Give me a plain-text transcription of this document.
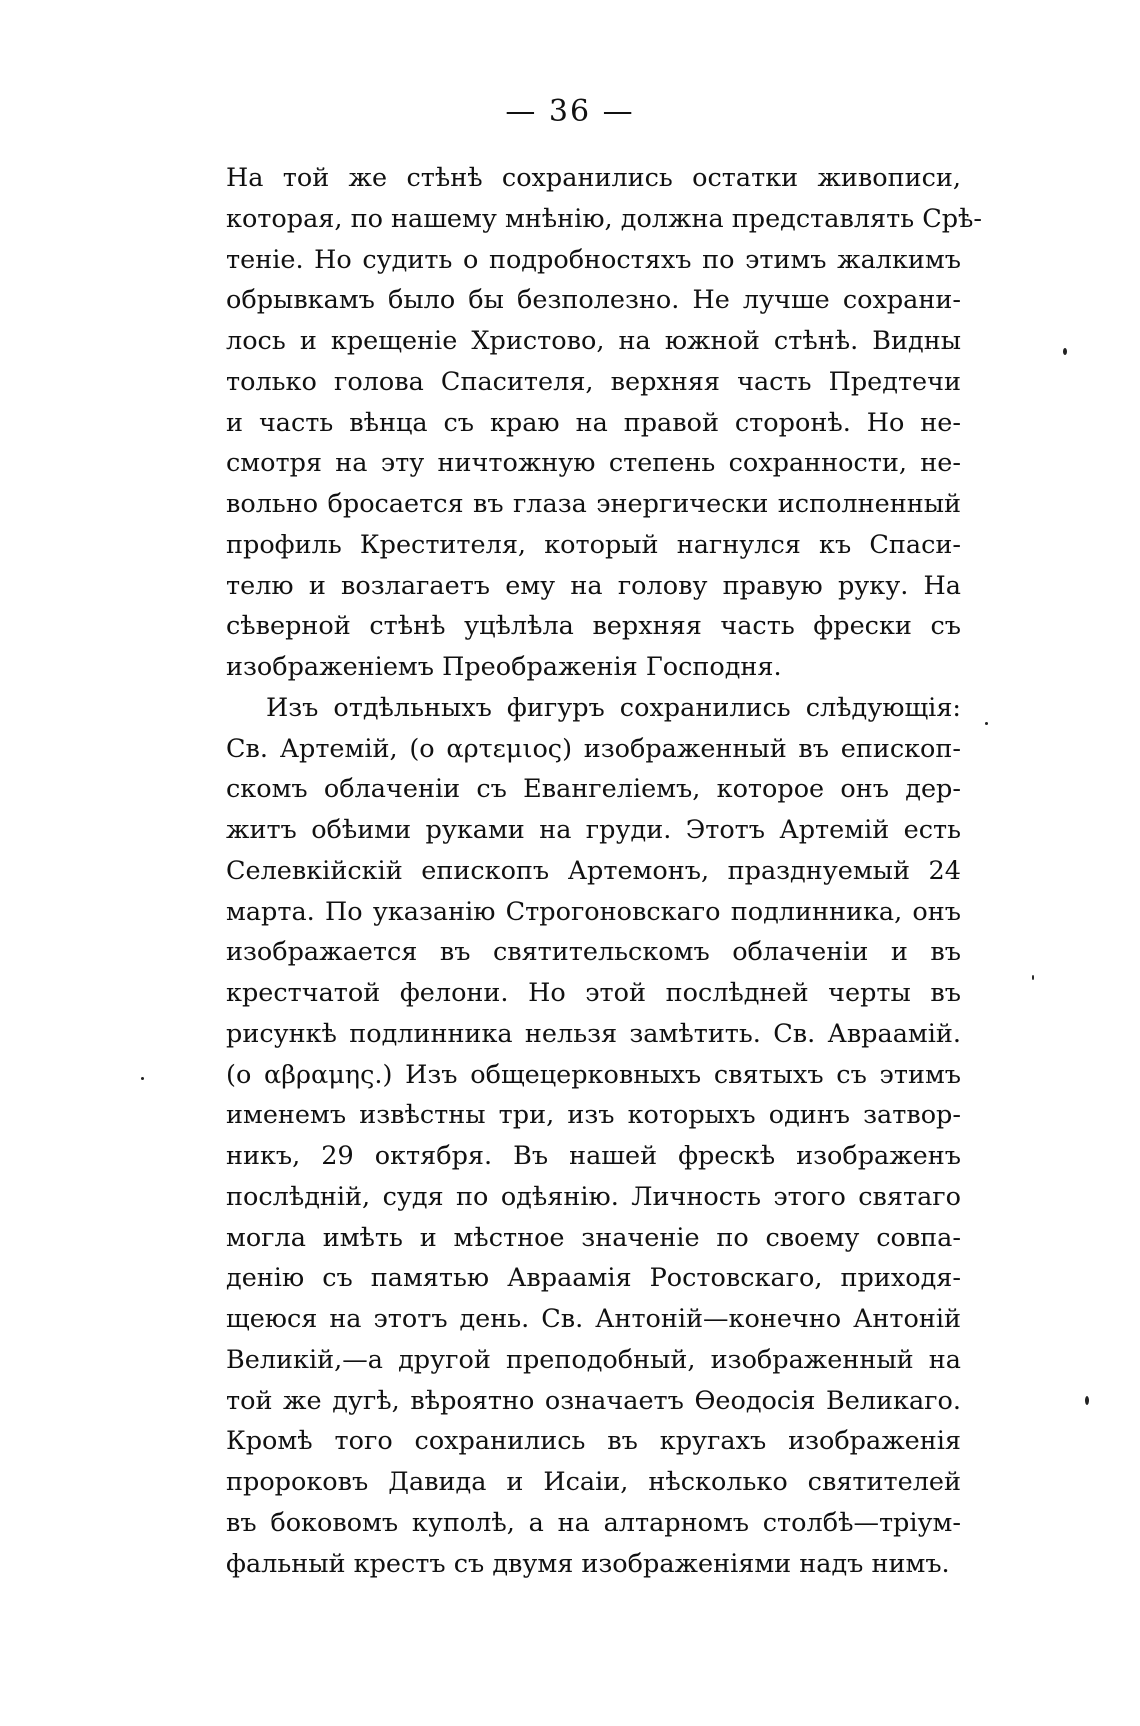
— 36 —
На той же стѣнѣ сохранились остатки живописи,
которая, по нашему мнѣнію, должна представлять Срѣ-
теніе. Но судить о подробностяхъ по этимъ жалкимъ
обрывкамъ было бы безполезно. Не лучше сохрани-
лось и крещеніе Христово, на южной стѣнѣ. Видны
только голова Спасителя, верхняя часть Предтечи
и часть вѣнца съ краю на правой сторонѣ. Но не-
смотря на эту ничтожную степень сохранности, не-
вольно бросается въ глаза энергически исполненный
профиль Крестителя, который нагнулся къ Спаси-
телю и возлагаетъ ему на голову правую руку. На
сѣверной стѣнѣ уцѣлѣла верхняя часть фрески съ
изображеніемъ Преображенія Господня.
Изъ отдѣльныхъ фигуръ сохранились слѣдующія:
Св. Артемій, (ο αρτεμιος) изображенный въ епископ-
скомъ облаченіи съ Евангеліемъ, которое онъ дер-
житъ обѣими руками на груди. Этотъ Артемій есть
Селевкійскій епископъ Артемонъ, празднуемый 24
марта. По указанію Строгоновскаго подлинника, онъ
изображается въ святительскомъ облаченіи и въ
крестчатой фелони. Но этой послѣдней черты въ
рисункѣ подлинника нельзя замѣтить. Св. Авраамій.
(ο αβραμης.) Изъ общецерковныхъ святыхъ съ этимъ
именемъ извѣстны три, изъ которыхъ одинъ затвор-
никъ, 29 октября. Въ нашей фрескѣ изображенъ
послѣдній, судя по одѣянію. Личность этого святаго
могла имѣть и мѣстное значеніе по своему совпа-
денію съ памятью Авраамія Ростовскаго, приходя-
щеюся на этотъ день. Св. Антоній—конечно Антоній
Великій,—а другой преподобный, изображенный на
той же дугѣ, вѣроятно означаетъ Ѳеодосія Великаго.
Кромѣ того сохранились въ кругахъ изображенія
пророковъ Давида и Исаіи, нѣсколько святителей
въ боковомъ куполѣ, а на алтарномъ столбѣ—тріум-
фальный крестъ съ двумя изображеніями надъ нимъ.
